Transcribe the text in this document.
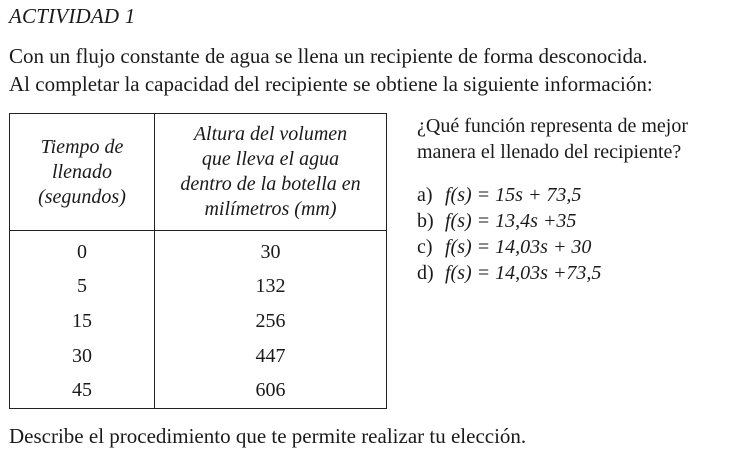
ACTIVIDAD 1
Con un flujo constante de agua se llena un recipiente de forma desconocida.
Al completar la capacidad del recipiente se obtiene la siguiente información:
Tiempo de
llenado
(segundos)	Altura del volumen
que lleva el agua
dentro de la botella en
milímetros (mm)

0	30
5	132
15	256
30	447
45	606
¿Qué función representa de mejor
manera el llenado del recipiente?
a) f(s) = 15s + 73,5
b) f(s) = 13,4s +35
c) f(s) = 14,03s + 30
d) f(s) = 14,03s +73,5
Describe el procedimiento que te permite realizar tu elección.
